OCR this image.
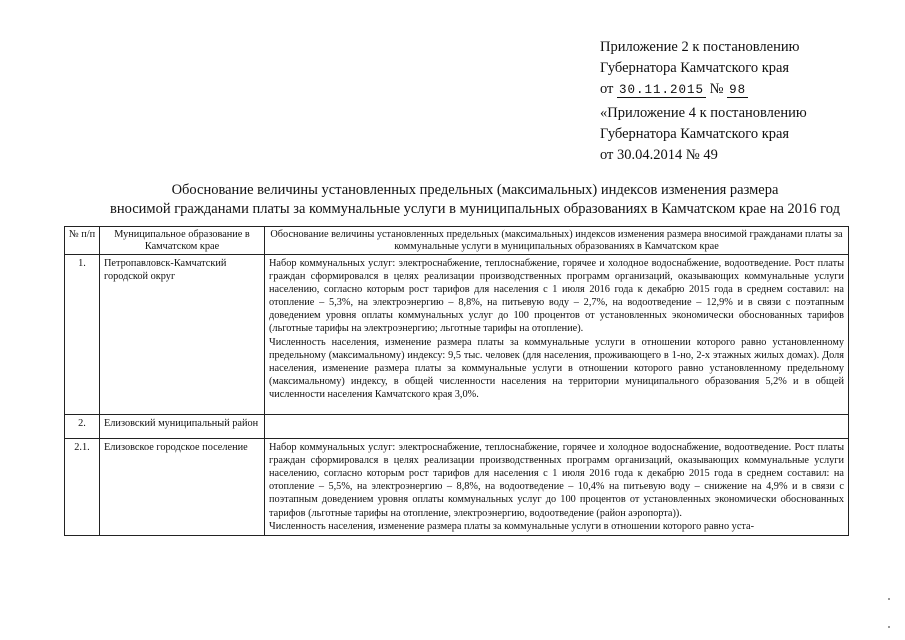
Приложение 2 к постановлению
Губернатора Камчатского края
от 30.11.2015 № 98
«Приложение 4 к постановлению
Губернатора Камчатского края
от 30.04.2014 № 49
Обоснование величины установленных предельных (максимальных) индексов изменения размера
вносимой гражданами платы за коммунальные услуги в муниципальных образованиях в Камчатском крае на 2016 год
№ п/п	Муниципальное образование в Камчатском крае	Обоснование величины установленных предельных (максимальных) индексов изменения размера вносимой гражданами платы за коммунальные услуги в муниципальных образованиях в Камчатском крае
1.	Петропавловск-Камчатский городской округ	Набор коммунальных услуг: электроснабжение, теплоснабжение, горячее и холодное водоснабжение, водоотведение. Рост платы граждан сформировался в целях реализации производственных программ организаций, оказывающих коммунальные услуги населению, согласно которым рост тарифов для населения с 1 июля 2016 года к декабрю 2015 года в среднем составил: на отопление – 5,3%, на электроэнергию – 8,8%, на питьевую воду – 2,7%, на водоотведение – 12,9% и в связи с поэтапным доведением уровня оплаты коммунальных услуг до 100 процентов от установленных экономически обоснованных тарифов (льготные тарифы на электроэнергию; льготные тарифы на отопление).
Численность населения, изменение размера платы за коммунальные услуги в отношении которого равно установленному предельному (максимальному) индексу: 9,5 тыс. человек (для населения, проживающего в 1-но, 2-х этажных жилых домах). Доля населения, изменение размера платы за коммунальные услуги в отношении которого равно установленному предельному (максимальному) индексу, в общей численности населения на территории муниципального образования 5,2% и в общей численности населения Камчатского края 3,0%.

2.	Елизовский муниципальный район	
2.1.	Елизовское городское поселение	Набор коммунальных услуг: электроснабжение, теплоснабжение, горячее и холодное водоснабжение, водоотведение. Рост платы граждан сформировался в целях реализации производственных программ организаций, оказывающих коммунальные услуги населению, согласно которым рост тарифов для населения с 1 июля 2016 года к декабрю 2015 года в среднем составил: на отопление – 5,5%, на электроэнергию – 8,8%, на водоотведение – 10,4% на питьевую воду – снижение на 4,9% и в связи с поэтапным доведением уровня оплаты коммунальных услуг до 100 процентов от установленных экономически обоснованных тарифов (льготные тарифы на отопление, электроэнергию, водоотведение (район аэропорта)).
Численность населения, изменение размера платы за коммунальные услуги в отношении которого равно уста-
